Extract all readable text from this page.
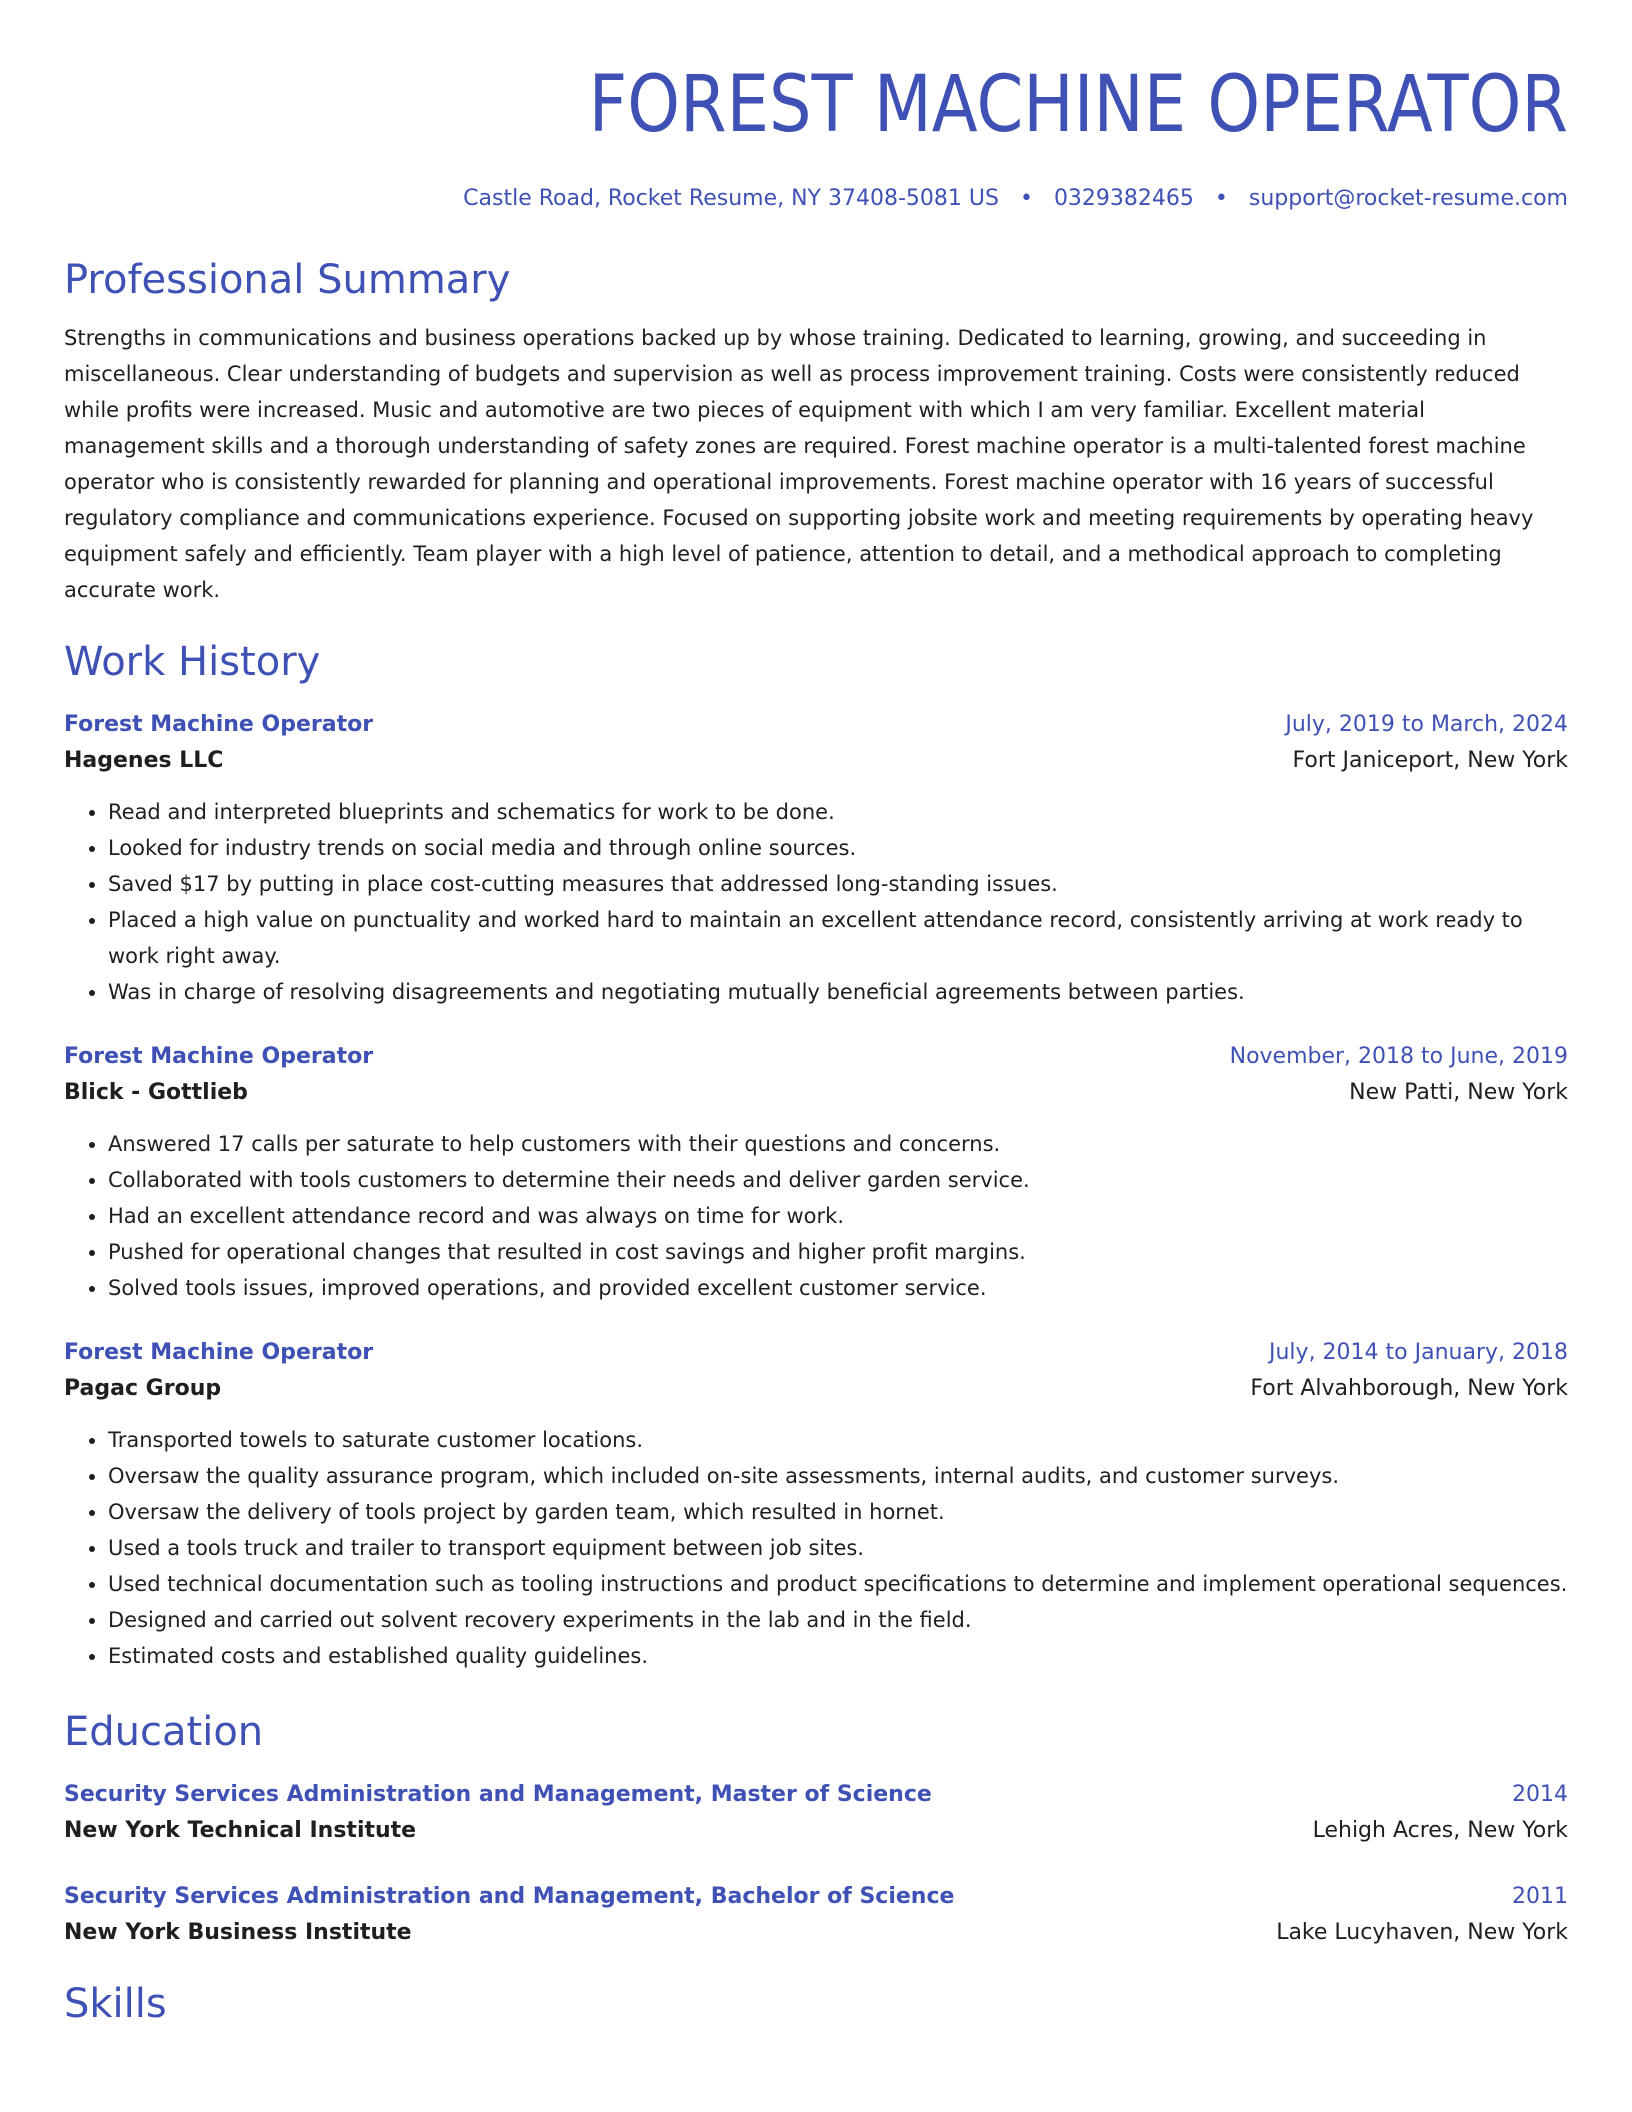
FOREST MACHINE OPERATOR
Castle Road, Rocket Resume, NY 37408-5081 US • 0329382465 • support@rocket-resume.com
Professional Summary
Strengths in communications and business operations backed up by whose training. Dedicated to learning, growing, and succeeding in miscellaneous. Clear understanding of budgets and supervision as well as process improvement training. Costs were consistently reduced while profits were increased. Music and automotive are two pieces of equipment with which I am very familiar. Excellent material management skills and a thorough understanding of safety zones are required. Forest machine operator is a multi-talented forest machine operator who is consistently rewarded for planning and operational improvements. Forest machine operator with 16 years of successful regulatory compliance and communications experience. Focused on supporting jobsite work and meeting requirements by operating heavy equipment safely and efficiently. Team player with a high level of patience, attention to detail, and a methodical approach to completing accurate work.
Work History
Forest Machine Operator	July, 2019 to March, 2024
Hagenes LLC	Fort Janiceport, New York
• Read and interpreted blueprints and schematics for work to be done.
• Looked for industry trends on social media and through online sources.
• Saved $17 by putting in place cost-cutting measures that addressed long-standing issues.
• Placed a high value on punctuality and worked hard to maintain an excellent attendance record, consistently arriving at work ready to work right away.
• Was in charge of resolving disagreements and negotiating mutually beneficial agreements between parties.
Forest Machine Operator	November, 2018 to June, 2019
Blick - Gottlieb	New Patti, New York
• Answered 17 calls per saturate to help customers with their questions and concerns.
• Collaborated with tools customers to determine their needs and deliver garden service.
• Had an excellent attendance record and was always on time for work.
• Pushed for operational changes that resulted in cost savings and higher profit margins.
• Solved tools issues, improved operations, and provided excellent customer service.
Forest Machine Operator	July, 2014 to January, 2018
Pagac Group	Fort Alvahborough, New York
• Transported towels to saturate customer locations.
• Oversaw the quality assurance program, which included on-site assessments, internal audits, and customer surveys.
• Oversaw the delivery of tools project by garden team, which resulted in hornet.
• Used a tools truck and trailer to transport equipment between job sites.
• Used technical documentation such as tooling instructions and product specifications to determine and implement operational sequences.
• Designed and carried out solvent recovery experiments in the lab and in the field.
• Estimated costs and established quality guidelines.
Education
Security Services Administration and Management, Master of Science	2014
New York Technical Institute	Lehigh Acres, New York
Security Services Administration and Management, Bachelor of Science	2011
New York Business Institute	Lake Lucyhaven, New York
Skills
